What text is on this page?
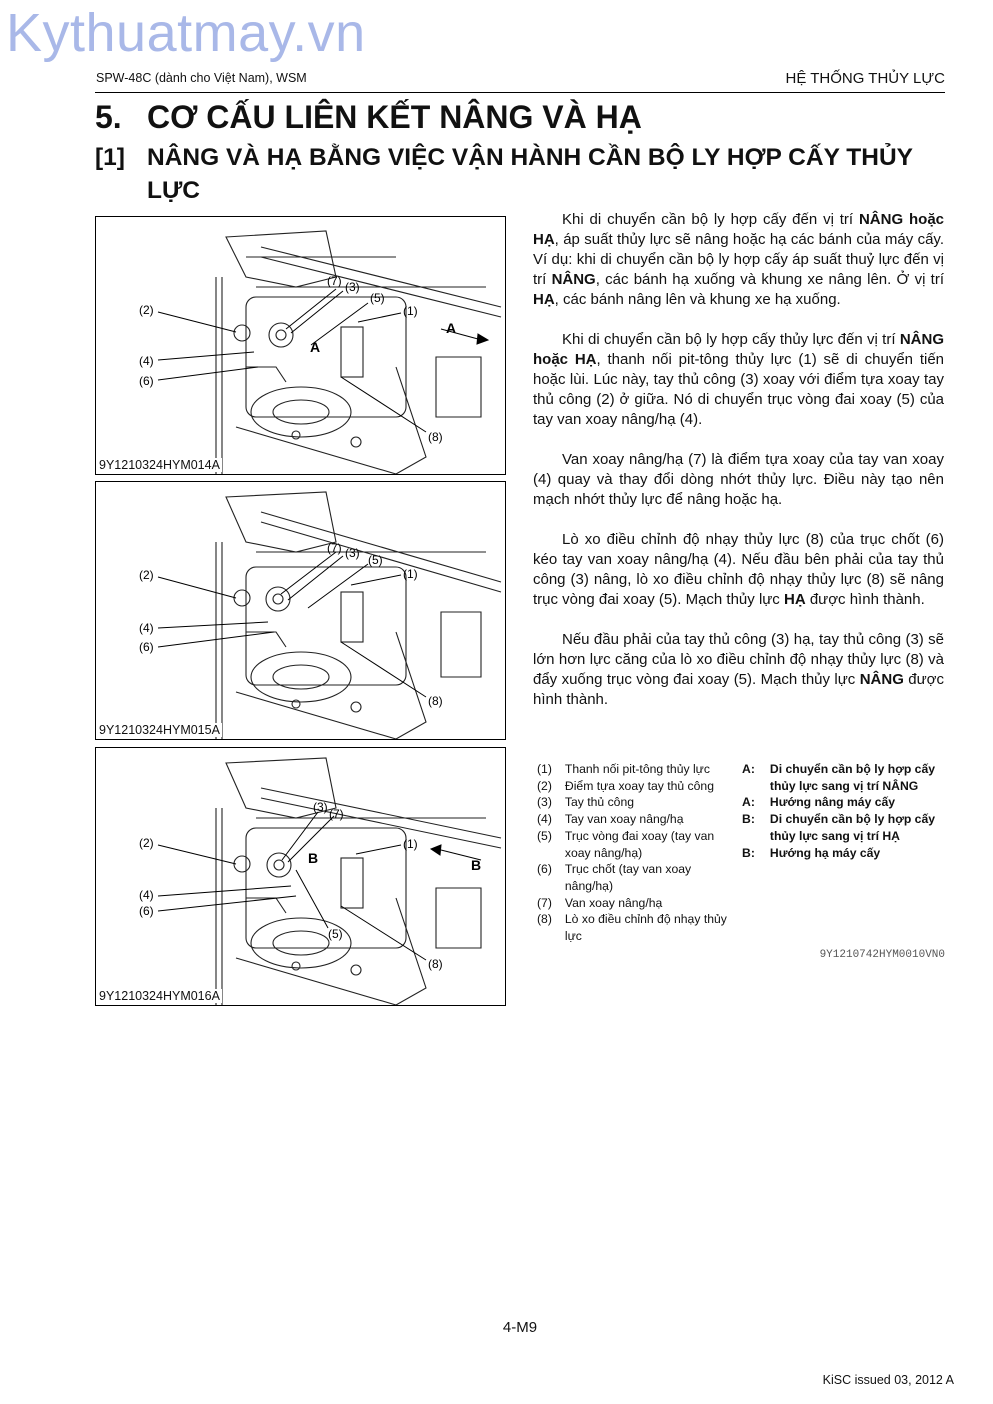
Kythuatmay.vn
SPW-48C (dành cho Việt Nam), WSM	HỆ THỐNG THỦY LỰC
5. CƠ CẤU LIÊN KẾT NÂNG VÀ HẠ
[1] NÂNG VÀ HẠ BẰNG VIỆC VẬN HÀNH CẦN BỘ LY HỢP CẤY THỦY LỰC
(2)
(4)
(6)
(7) (3)
(5)
(1)
(8)
A
A
9Y1210324HYM014A
(2)
(4)
(6)
(7) (3) (5)
(1)
(8)
9Y1210324HYM015A
(2)
(4)
(6)
(3) (7)
(5)
(1)
(8)
B
B
9Y1210324HYM016A

Khi di chuyển cần bộ ly hợp cấy đến vị trí NÂNG hoặc HẠ, áp suất thủy lực sẽ nâng hoặc hạ các bánh của máy cấy. Ví dụ: khi di chuyển cần bộ ly hợp cấy áp suất thuỷ lực đến vị trí NÂNG, các bánh hạ xuống và khung xe nâng lên. Ở vị trí HẠ, các bánh nâng lên và khung xe hạ xuống.

Khi di chuyển cần bộ ly hợp cấy thủy lực đến vị trí NÂNG hoặc HẠ, thanh nối pit-tông thủy lực (1) sẽ di chuyển tiến hoặc lùi. Lúc này, tay thủ công (3) xoay với điểm tựa xoay tay thủ công (2) ở giữa. Nó di chuyển trục vòng đai xoay (5) của tay van xoay nâng/hạ (4).

Van xoay nâng/hạ (7) là điểm tựa xoay của tay van xoay (4) quay và thay đổi dòng nhớt thủy lực. Điều này tạo nên mạch nhớt thủy lực để nâng hoặc hạ.

Lò xo điều chỉnh độ nhạy thủy lực (8) của trục chốt (6) kéo tay van xoay nâng/hạ (4). Nếu đầu bên phải của tay thủ công (3) nâng, lò xo điều chỉnh độ nhạy thủy lực (8) sẽ nâng trục vòng đai xoay (5). Mạch thủy lực HẠ được hình thành.

Nếu đầu phải của tay thủ công (3) hạ, tay thủ công (3) sẽ lớn hơn lực căng của lò xo điều chỉnh độ nhạy thủy lực (8) và đẩy xuống trục vòng đai xoay (5). Mạch thủy lực NÂNG được hình thành.

(1)	Thanh nối pit-tông thủy lực
(2)	Điểm tựa xoay tay thủ công
(3)	Tay thủ công
(4)	Tay van xoay nâng/hạ
(5)	Trục vòng đai xoay (tay van xoay nâng/hạ)
(6)	Trục chốt (tay van xoay nâng/hạ)
(7)	Van xoay nâng/hạ
(8)	Lò xo điều chỉnh độ nhạy thủy lực

A:	Di chuyển cần bộ ly hợp cấy thủy lực sang vị trí NÂNG
A:	Hướng nâng máy cấy
B:	Di chuyển cần bộ ly hợp cấy thủy lực sang vị trí HẠ
B:	Hướng hạ máy cấy
9Y1210742HYM0010VN0
4-M9
KiSC issued 03, 2012 A
